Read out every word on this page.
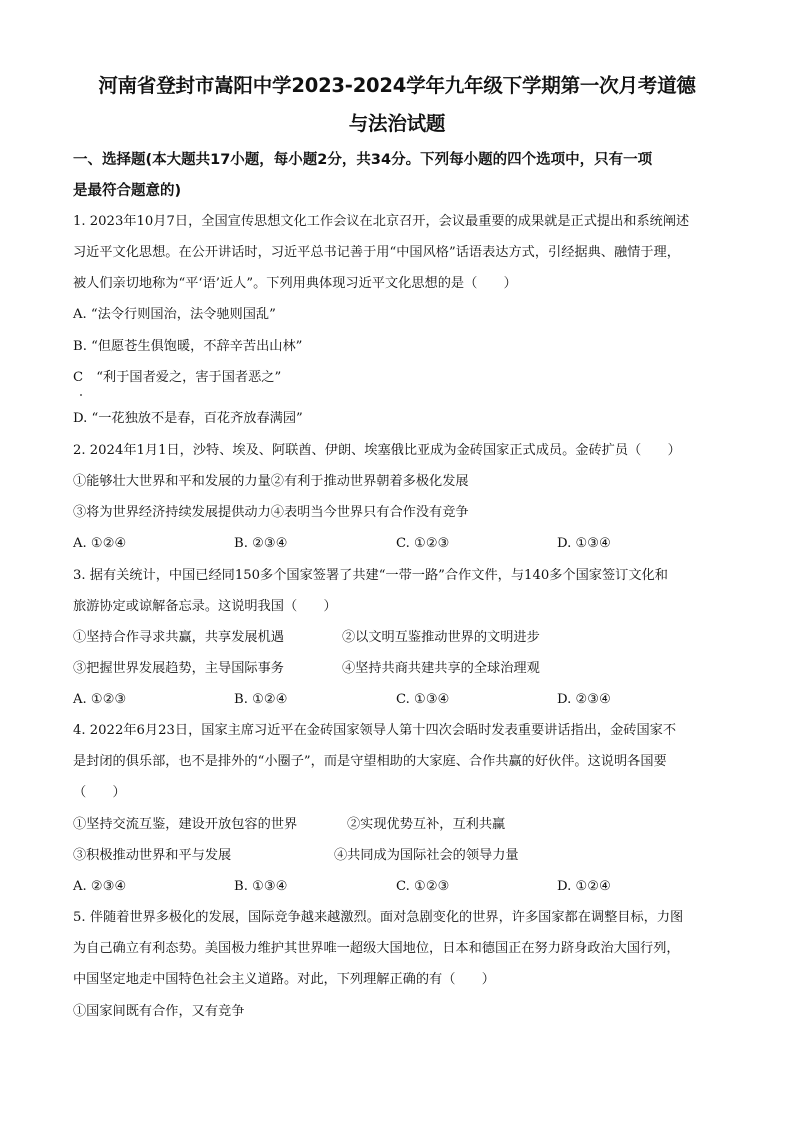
河南省登封市嵩阳中学2023-2024学年九年级下学期第一次月考道德
与法治试题
一、选择题(本大题共17小题，每小题2分，共34分。下列每小题的四个选项中，只有一项
是最符合题意的)
1. 2023年10月7日，全国宣传思想文化工作会议在北京召开，会议最重要的成果就是正式提出和系统阐述
习近平文化思想。在公开讲话时，习近平总书记善于用“中国风格”话语表达方式，引经据典、融情于理，
被人们亲切地称为“平‘语’近人”。下列用典体现习近平文化思想的是（　　）
A. “法令行则国治，法令驰则国乱”
B. “但愿苍生俱饱暖，不辞辛苦出山林”
C　“利于国者爱之，害于国者恶之”
D. “一花独放不是春，百花齐放春满园”
2. 2024年1月1日，沙特、埃及、阿联酋、伊朗、埃塞俄比亚成为金砖国家正式成员。金砖扩员（　　）
①能够壮大世界和平和发展的力量②有利于推动世界朝着多极化发展
③将为世界经济持续发展提供动力④表明当今世界只有合作没有竞争
A. ①②④	B. ②③④	C. ①②③	D. ①③④
3. 据有关统计，中国已经同150多个国家签署了共建“一带一路”合作文件，与140多个国家签订文化和
旅游协定或谅解备忘录。这说明我国（　　）
①坚持合作寻求共赢，共享发展机遇	②以文明互鉴推动世界的文明进步
③把握世界发展趋势，主导国际事务	④坚持共商共建共享的全球治理观
A. ①②③	B. ①②④	C. ①③④	D. ②③④
4. 2022年6月23日，国家主席习近平在金砖国家领导人第十四次会晤时发表重要讲话指出，金砖国家不
是封闭的俱乐部，也不是排外的“小圈子”，而是守望相助的大家庭、合作共赢的好伙伴。这说明各国要
（　　）
①坚持交流互鉴，建设开放包容的世界	②实现优势互补，互利共赢
③积极推动世界和平与发展	④共同成为国际社会的领导力量
A. ②③④	B. ①③④	C. ①②③	D. ①②④
5. 伴随着世界多极化的发展，国际竞争越来越激烈。面对急剧变化的世界，许多国家都在调整目标，力图
为自己确立有利态势。美国极力维护其世界唯一超级大国地位，日本和德国正在努力跻身政治大国行列，
中国坚定地走中国特色社会主义道路。对此，下列理解正确的有（　　）
①国家间既有合作，又有竞争
